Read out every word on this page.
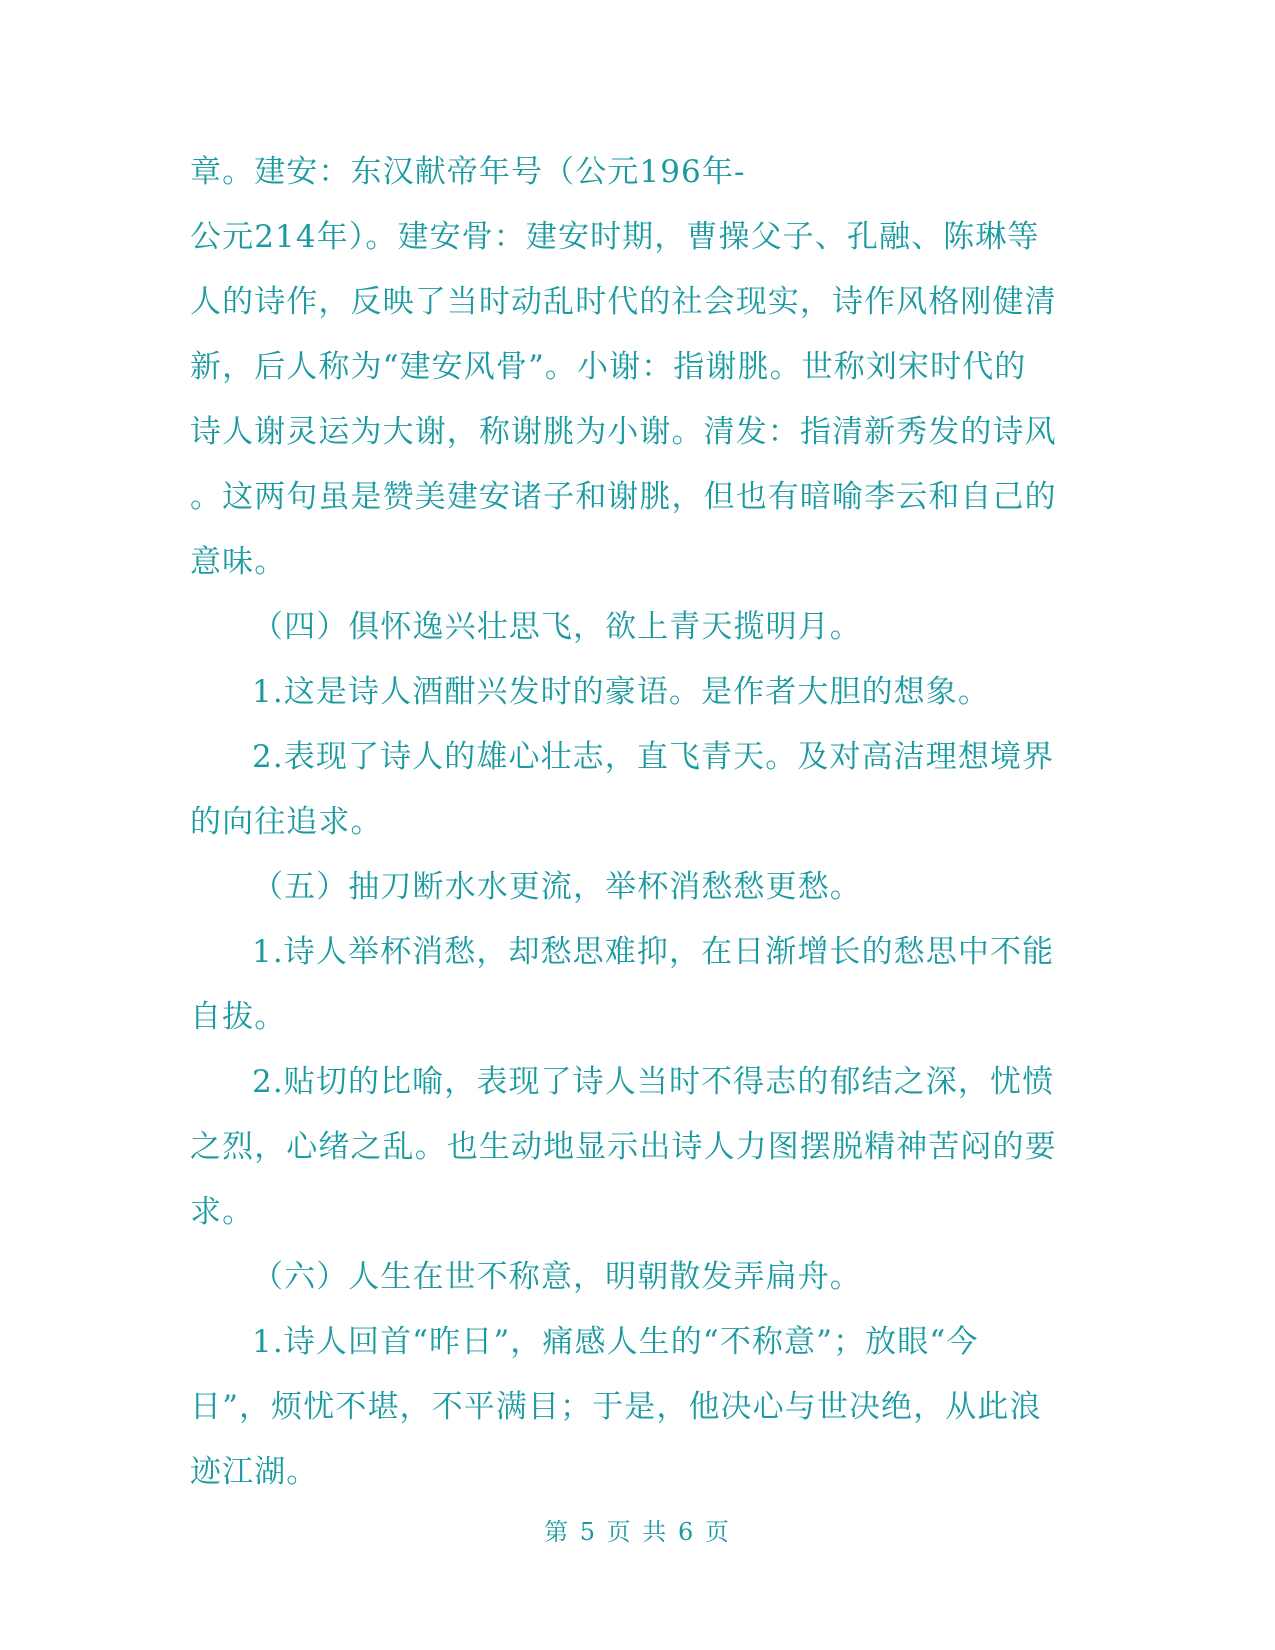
章。建安：东汉献帝年号（公元196年-
公元214年）。建安骨：建安时期，曹操父子、孔融、陈琳等
人的诗作，反映了当时动乱时代的社会现实，诗作风格刚健清
新，后人称为“建安风骨”。小谢：指谢朓。世称刘宋时代的
诗人谢灵运为大谢，称谢朓为小谢。清发：指清新秀发的诗风
。这两句虽是赞美建安诸子和谢朓，但也有暗喻李云和自己的
意味。
（四）俱怀逸兴壮思飞，欲上青天揽明月。
1.这是诗人酒酣兴发时的豪语。是作者大胆的想象。
2.表现了诗人的雄心壮志，直飞青天。及对高洁理想境界
的向往追求。
（五）抽刀断水水更流，举杯消愁愁更愁。
1.诗人举杯消愁，却愁思难抑，在日渐增长的愁思中不能
自拔。
2.贴切的比喻，表现了诗人当时不得志的郁结之深，忧愤
之烈，心绪之乱。也生动地显示出诗人力图摆脱精神苦闷的要
求。
（六）人生在世不称意，明朝散发弄扁舟。
1.诗人回首“昨日”，痛感人生的“不称意”；放眼“今
日”，烦忧不堪，不平满目；于是，他决心与世决绝，从此浪
迹江湖。
第 5 页 共 6 页
